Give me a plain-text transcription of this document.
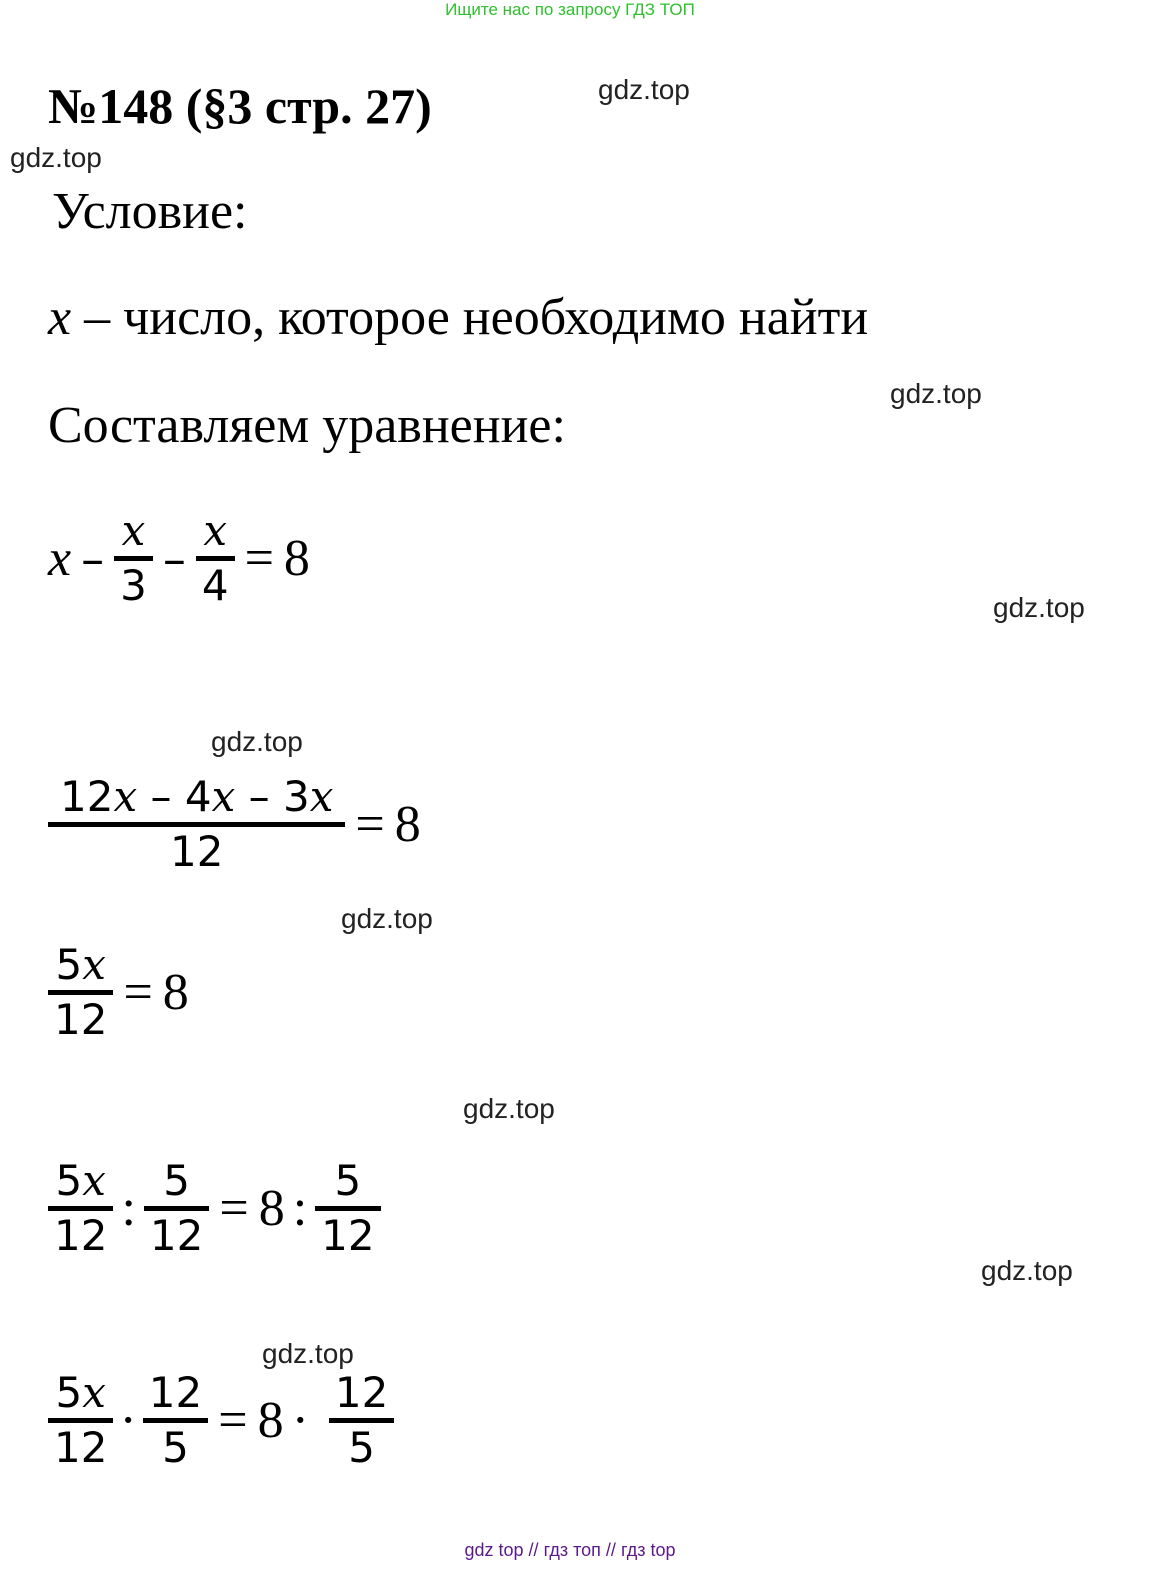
Ищите нас по запросу ГДЗ ТОП
№148 (§3 стр. 27)	gdz.top
gdz.top
gdz.top
gdz.top
gdz.top
gdz.top
gdz.top
gdz.top
gdz.top
Условие:
x – число, которое необходимо найти
Составляем уравнение:
x –
x
3 –
x
4 = 8
12x – 4x – 3x
12	= 8
5x
12 = 8
5x
12 : 5
12 = 8 : 5
12
5x
12 · 12
5 = 8 · 12
5
gdz top // гдз топ // гдз top
